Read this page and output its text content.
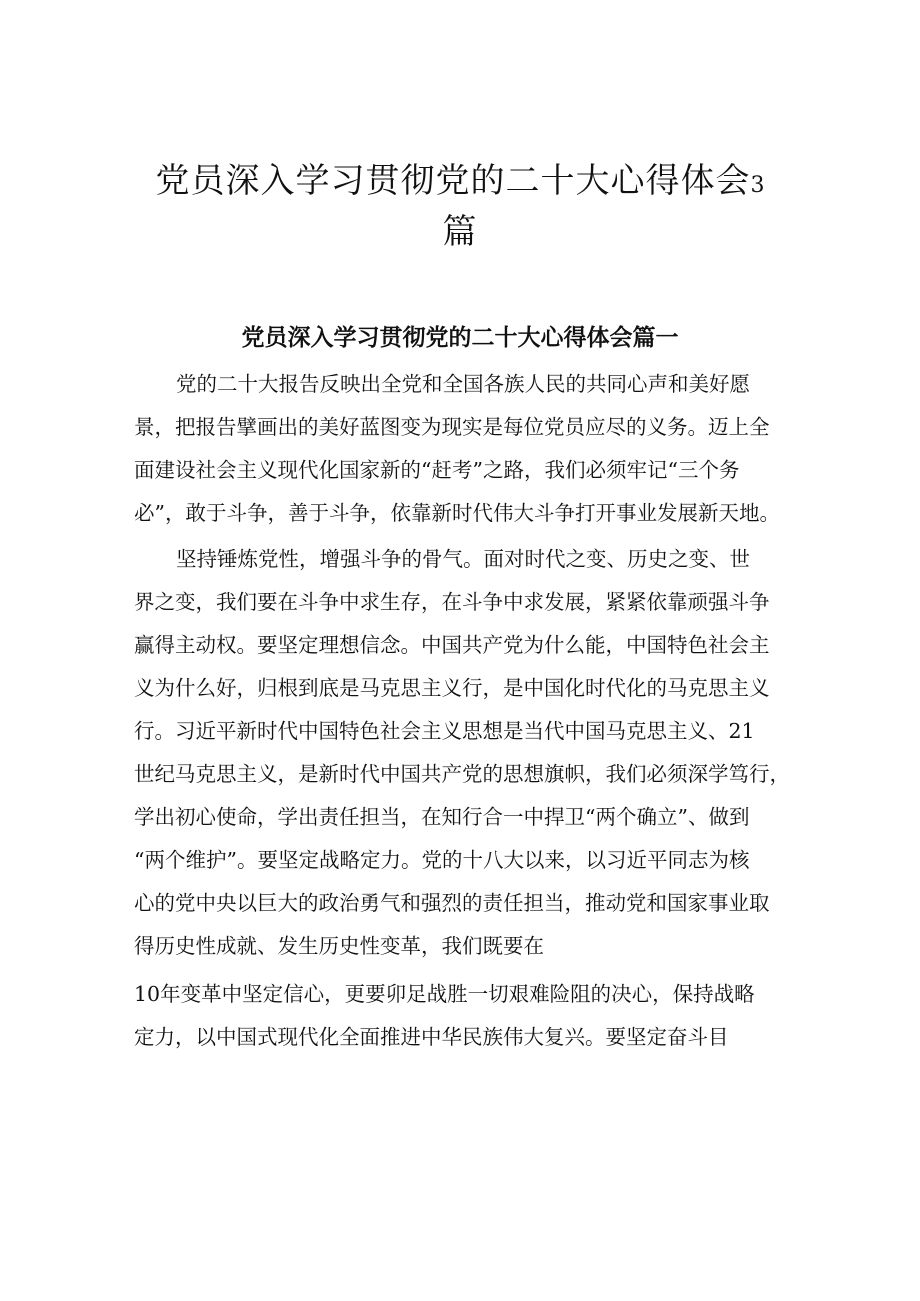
党员深入学习贯彻党的二十大心得体会3
篇
党员深入学习贯彻党的二十大心得体会篇一
党的二十大报告反映出全党和全国各族人民的共同心声和美好愿
景，把报告擘画出的美好蓝图变为现实是每位党员应尽的义务。迈上全
面建设社会主义现代化国家新的“赶考”之路，我们必须牢记“三个务
必”，敢于斗争，善于斗争，依靠新时代伟大斗争打开事业发展新天地。
坚持锤炼党性，增强斗争的骨气。面对时代之变、历史之变、世
界之变，我们要在斗争中求生存，在斗争中求发展，紧紧依靠顽强斗争
赢得主动权。要坚定理想信念。中国共产党为什么能，中国特色社会主
义为什么好，归根到底是马克思主义行，是中国化时代化的马克思主义
行。习近平新时代中国特色社会主义思想是当代中国马克思主义、21
世纪马克思主义，是新时代中国共产党的思想旗帜，我们必须深学笃行，
学出初心使命，学出责任担当，在知行合一中捍卫“两个确立”、做到
“两个维护”。要坚定战略定力。党的十八大以来，以习近平同志为核
心的党中央以巨大的政治勇气和强烈的责任担当，推动党和国家事业取
得历史性成就、发生历史性变革，我们既要在
10年变革中坚定信心，更要卯足战胜一切艰难险阻的决心，保持战略
定力，以中国式现代化全面推进中华民族伟大复兴。要坚定奋斗目
